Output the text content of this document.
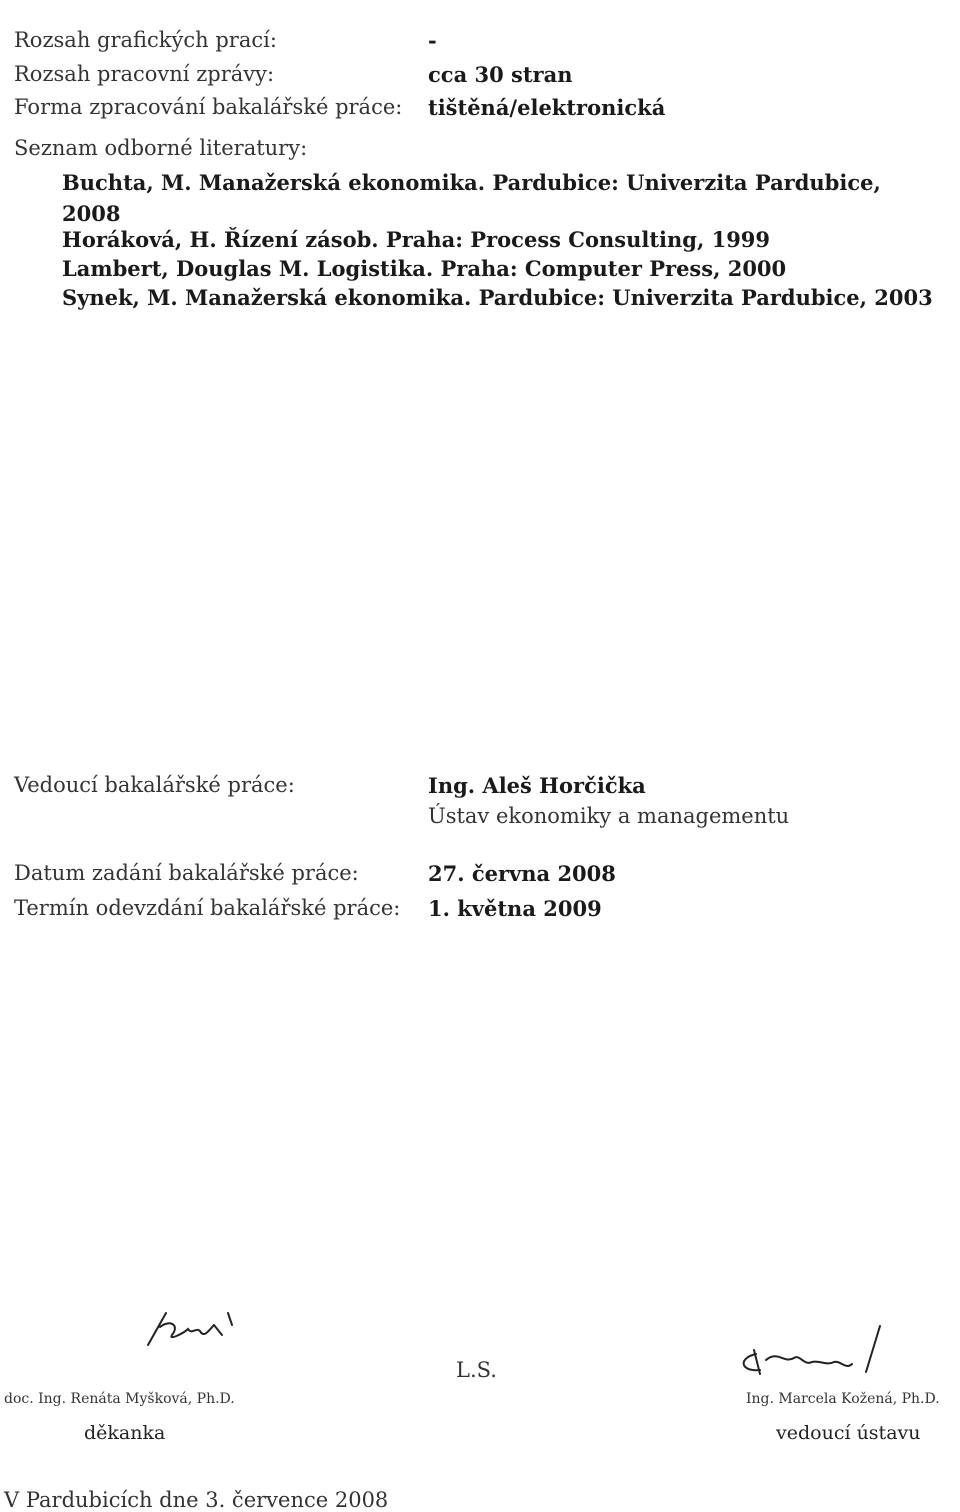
Rozsah grafických prací:	-
Rozsah pracovní zprávy:	cca 30 stran
Forma zpracování bakalářské práce: tištěná/elektronická
Seznam odborné literatury:
Buchta, M. Manažerská ekonomika. Pardubice: Univerzita Pardubice,
2008
Horáková, H. Řízení zásob. Praha: Process Consulting, 1999
Lambert, Douglas M. Logistika. Praha: Computer Press, 2000
Synek, M. Manažerská ekonomika. Pardubice: Univerzita Pardubice, 2003
Vedoucí bakalářské práce:	Ing. Aleš Horčička
Ústav ekonomiky a managementu
Datum zadání bakalářské práce:	27. června 2008
Termín odevzdání bakalářské práce: 1. května 2009
doc. Ing. Renáta Myšková, Ph.D.
děkanka
L.S.
Ing. Marcela Kožená, Ph.D.
vedoucí ústavu
V Pardubicích dne 3. července 2008
